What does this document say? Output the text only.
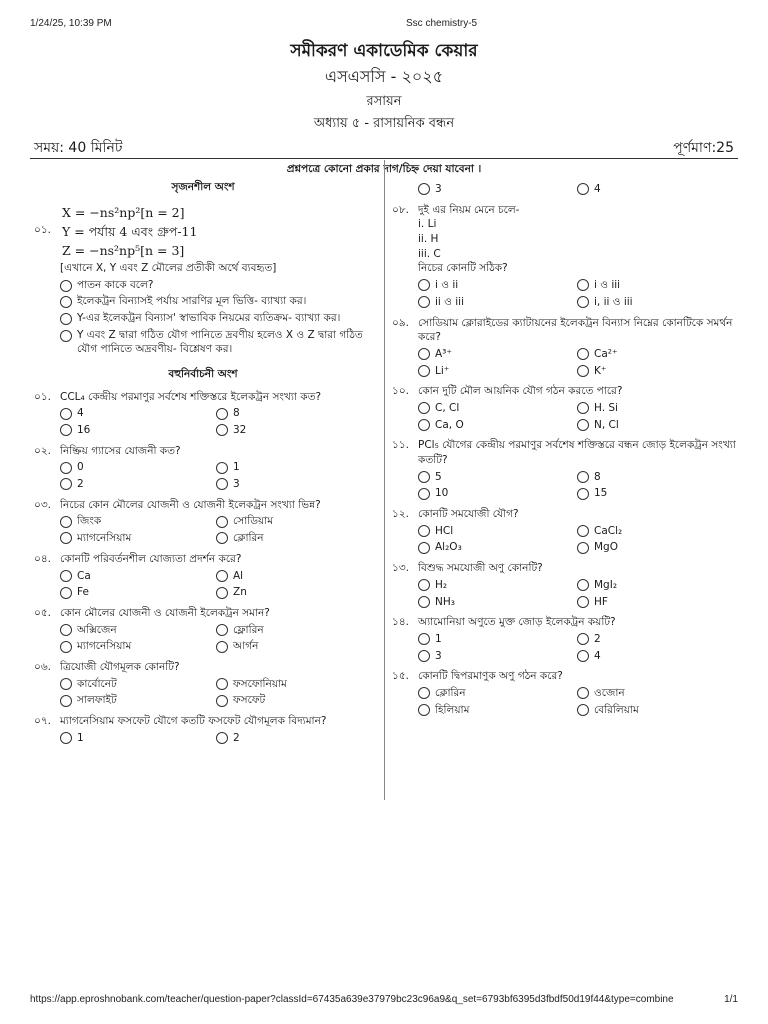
1/24/25, 10:39 PM	Ssc chemistry-5
সমীকরণ একাডেমিক কেয়ার
এসএসসি - ২০২৫
রসায়ন
অধ্যায় ৫ - রাসায়নিক বন্ধন
সময়: 40 মিনিট	পূর্ণমাণ:25
প্রশ্নপত্রে কোনো প্রকার দাগ/চিহ্ন দেয়া যাবেনা ।
সৃজনশীল অংশ
X = −ns²np²[n = 2]
০১. Y = পর্যায় 4 এবং গ্রুপ-11
Z = −ns²np⁵[n = 3]
[এখানে X, Y এবং Z মৌলের প্রতীকী অর্থে ব্যবহৃত]
পাতন কাকে বলে?
ইলেকট্রন বিন্যাসই পর্যায় সারণির মূল ভিত্তি- ব্যাখ্যা কর।
Y-এর ইলেকট্রন বিন্যাস' স্বাভাবিক নিয়মের ব্যতিক্রম- ব্যাখ্যা কর।
Y এবং Z দ্বারা গঠিত যৌগ পানিতে দ্রবণীয় হলেও X ও Z দ্বারা গঠিত যৌগ পানিতে অদ্রবণীয়- বিশ্লেষণ কর।
বহুনির্বাচনী অংশ
০১. CCL₄ কেন্দ্রীয় পরমাণুর সর্বশেষ শক্তিস্তরে ইলেকট্রন সংখ্যা কত?
4	8
16	32
০২. নিষ্ক্রিয় গ্যাসের যোজনী কত?
0	1
2	3
০৩. নিচের কোন মৌলের যোজনী ও যোজনী ইলেকট্রন সংখ্যা ভিন্ন?
জিংক	সোডিয়াম
ম্যাগনেসিয়াম	ক্লোরিন
০৪. কোনটি পরিবর্তনশীল যোজ্যতা প্রদর্শন করে?
Ca	Al
Fe	Zn
০৫. কোন মৌলের যোজনী ও যোজনী ইলেকট্রন সমান?
অক্সিজেন	ফ্লোরিন
ম্যাগনেসিয়াম	আর্গন
০৬. ত্রিযোজী যৌগমূলক কোনটি?
কার্বোনেট	ফসফোনিয়াম
সালফাইট	ফসফেট
০৭. ম্যাগনেসিয়াম ফসফেট যৌগে কতটি ফসফেট যৌগমূলক বিদ্যমান?
1	2
3	4
০৮. দুই এর নিয়ম মেনে চলে-
i. Li
ii. H
iii. C
নিচের কোনটি সঠিক?
i ও ii	i ও iii
ii ও iii	i, ii ও iii
০৯. সোডিয়াম ক্লোরাইডের ক্যাটায়নের ইলেকট্রন বিন্যাস নিম্নের কোনটিকে সমর্থন করে?
A³⁺	Ca²⁺
Li⁺	K⁺
১০. কোন দুটি মৌল আয়নিক যৌগ গঠন করতে পারে?
C, Cl	H. Si
Ca, O	N, Cl
১১. PCl₅ যৌগের কেন্দ্রীয় পরমাণুর সর্বশেষ শক্তিস্তরে বন্ধন জোড় ইলেকট্রন সংখ্যা কতটি?
5	8
10	15
১২. কোনটি সমযোজী যৌগ?
HCl	CaCl₂
Al₂O₃	MgO
১৩. বিশুদ্ধ সমযোজী অণু কোনটি?
H₂	MgI₂
NH₃	HF
১৪. অ্যামোনিয়া অণুতে মুক্ত জোড় ইলেকট্রন কয়টি?
1	2
3	4
১৫. কোনটি দ্বিপরমাণুক অণু গঠন করে?
ক্লোরিন	ওজোন
হিলিয়াম	বেরিলিয়াম
https://app.eproshnobank.com/teacher/question-paper?classId=67435a639e37979bc23c96a9&q_set=6793bf6395d3fbdf50d19f44&type=combine	1/1
